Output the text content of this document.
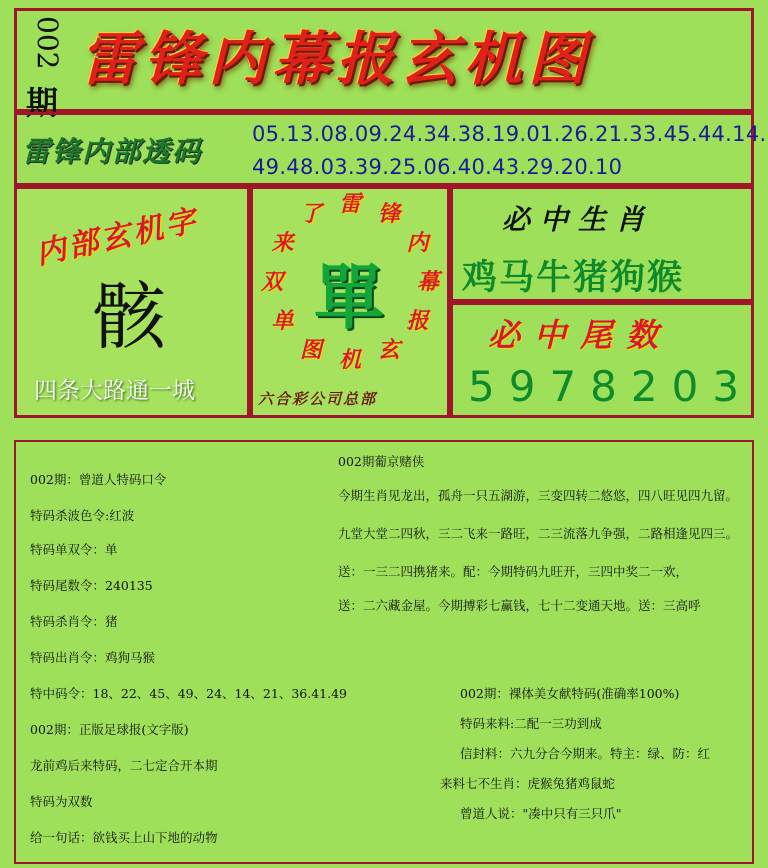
002
期
雷锋内幕报玄机图
雷锋内部透码
05.13.08.09.24.34.38.19.01.26.21.33.45.44.14.
49.48.03.39.25.06.40.43.29.20.10
内部玄机字
骸
四条大路通一城
雷 锋
内
幕
报
玄
机
图
单
双
来
了
單
六合彩公司总部
必中生肖
鸡马牛猪狗猴
必中尾数
5978203
002期葡京赌侠
今期生肖见龙出，孤舟一只五湖游，三变四转二悠悠，四八旺见四九留。
九堂大堂二四秋，三二飞来一路旺，二三流落九争强，二路相逢见四三。
送：一三二四携猪来。配：今期特码九旺开，三四中奖二一欢，
送：二六藏金屋。今期搏彩七赢钱，七十二变通天地。送：三高呼
002期：曾道人特码口令
特码杀波色令:红波
特码单双令：单
特码尾数令：240135
特码杀肖令：猪
特码出肖令：鸡狗马猴
特中码令：18、22、45、49、24、14、21、36.41.49
002期：正版足球报(文字版)
龙前鸡后来特码，二七定合开本期
特码为双数
给一句话：欲钱买上山下地的动物
002期：裸体美女献特码(准确率100%)
特码来料:二配一三功到成
信封料：六九分合今期来。特主：绿、防：红
来料七不生肖：虎猴兔猪鸡鼠蛇
曾道人说："凑中只有三只爪"
